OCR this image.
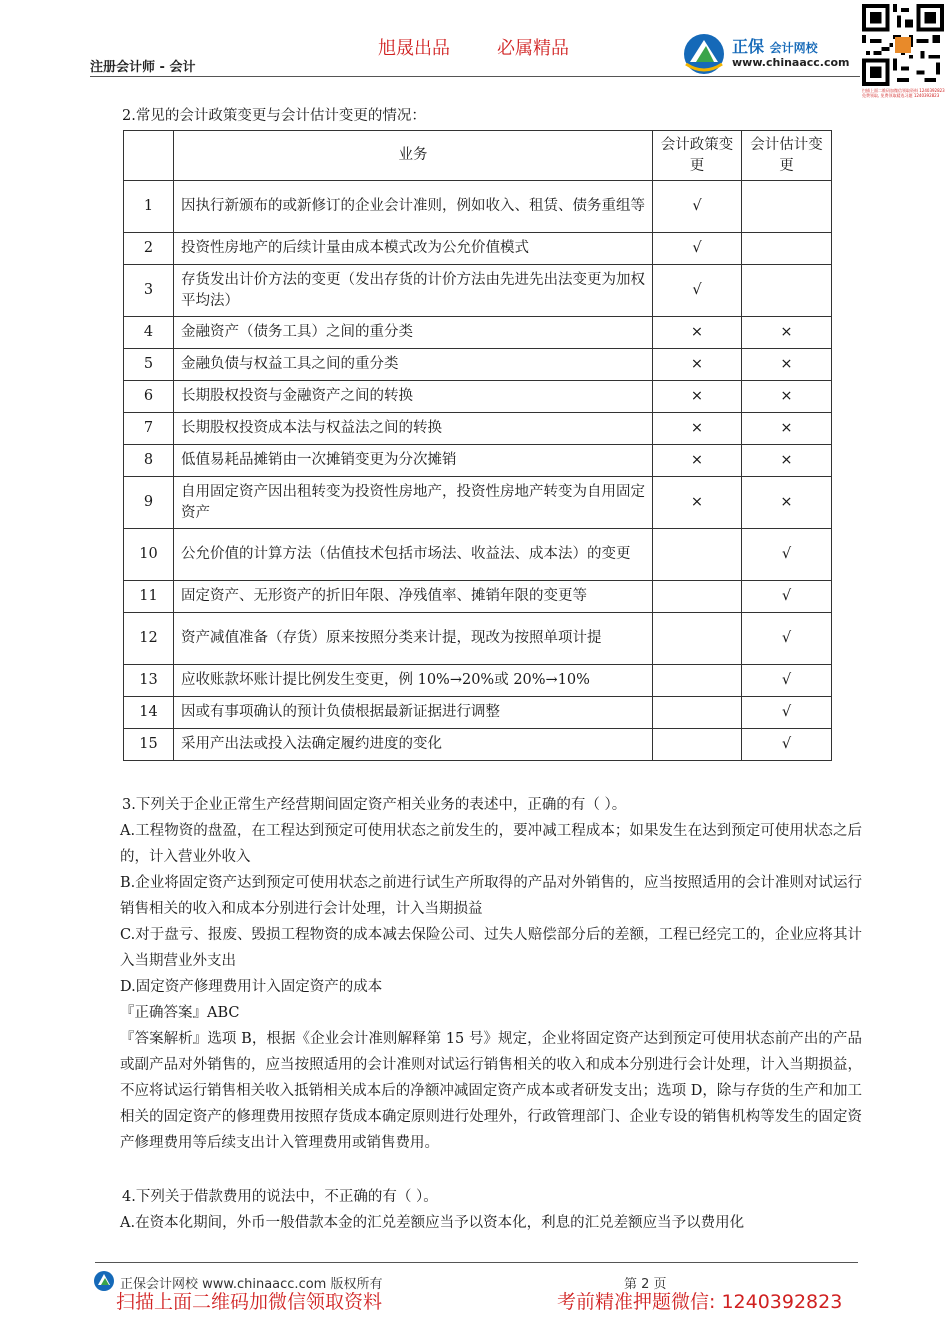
旭晟出品	必属精品
注册会计师 - 会计
正保 会计网校
www.chinaacc.com
扫描上面二维码加微信领取资料 1240392823 免费领取, 免费领取精选习题 1240392823
2.常见的会计政策变更与会计估计变更的情况：
	业务	会计政策变更	会计估计变更
1	因执行新颁布的或新修订的企业会计准则，例如收入、租赁、债务重组等	√	
2	投资性房地产的后续计量由成本模式改为公允价值模式	√	
3	存货发出计价方法的变更（发出存货的计价方法由先进先出法变更为加权平均法）	√	
4	金融资产（债务工具）之间的重分类	×	×
5	金融负债与权益工具之间的重分类	×	×
6	长期股权投资与金融资产之间的转换	×	×
7	长期股权投资成本法与权益法之间的转换	×	×
8	低值易耗品摊销由一次摊销变更为分次摊销	×	×
9	自用固定资产因出租转变为投资性房地产，投资性房地产转变为自用固定资产	×	×
10	公允价值的计算方法（估值技术包括市场法、收益法、成本法）的变更		√
11	固定资产、无形资产的折旧年限、净残值率、摊销年限的变更等		√
12	资产减值准备（存货）原来按照分类来计提，现改为按照单项计提		√
13	应收账款坏账计提比例发生变更，例 10%→20%或 20%→10%		√
14	因或有事项确认的预计负债根据最新证据进行调整		√
15	采用产出法或投入法确定履约进度的变化		√
3.下列关于企业正常生产经营期间固定资产相关业务的表述中，正确的有（ ）。
A.工程物资的盘盈，在工程达到预定可使用状态之前发生的，要冲减工程成本；如果发生在达到预定可使用状态之后的，计入营业外收入
B.企业将固定资产达到预定可使用状态之前进行试生产所取得的产品对外销售的，应当按照适用的会计准则对试运行销售相关的收入和成本分别进行会计处理，计入当期损益
C.对于盘亏、报废、毁损工程物资的成本减去保险公司、过失人赔偿部分后的差额，工程已经完工的，企业应将其计入当期营业外支出
D.固定资产修理费用计入固定资产的成本
『正确答案』ABC
『答案解析』选项 B，根据《企业会计准则解释第 15 号》规定，企业将固定资产达到预定可使用状态前产出的产品或副产品对外销售的，应当按照适用的会计准则对试运行销售相关的收入和成本分别进行会计处理，计入当期损益，不应将试运行销售相关收入抵销相关成本后的净额冲减固定资产成本或者研发支出；选项 D，除与存货的生产和加工相关的固定资产的修理费用按照存货成本确定原则进行处理外，行政管理部门、企业专设的销售机构等发生的固定资产修理费用等后续支出计入管理费用或销售费用。
4.下列关于借款费用的说法中，不正确的有（ ）。
A.在资本化期间，外币一般借款本金的汇兑差额应当予以资本化，利息的汇兑差额应当予以费用化
正保会计网校 www.chinaacc.com 版权所有	第 2 页
扫描上面二维码加微信领取资料	考前精准押题微信: 1240392823
